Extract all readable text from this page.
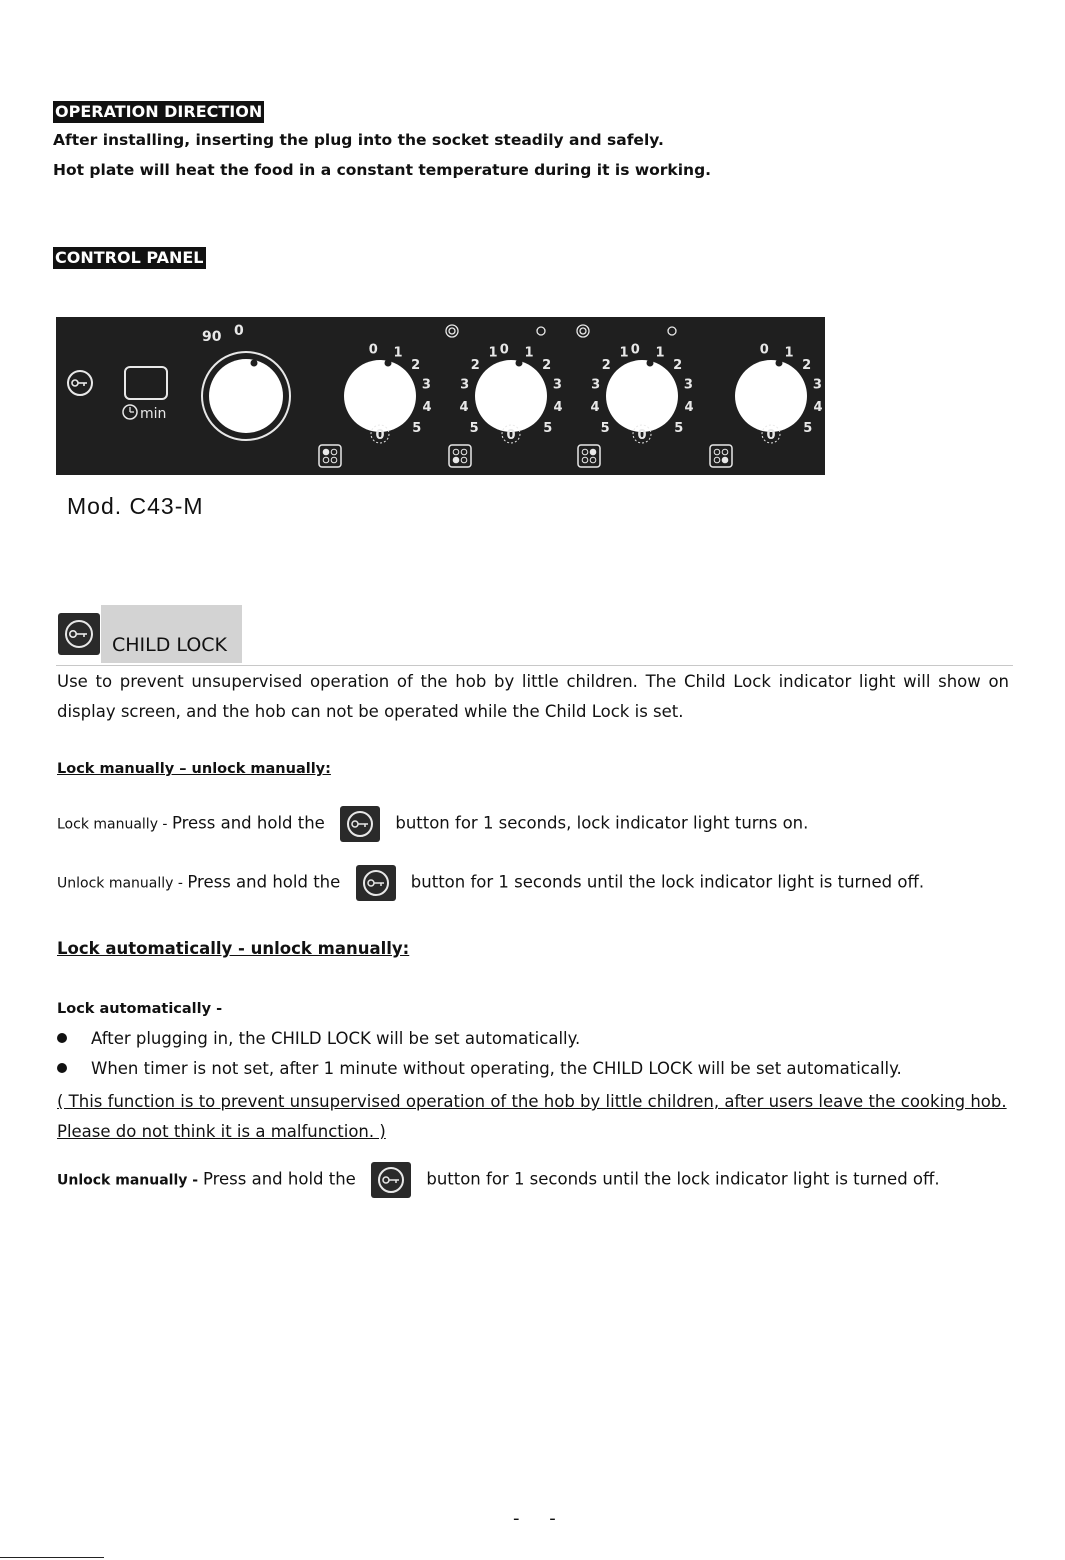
OPERATION DIRECTION
After installing, inserting the plug into the socket steadily and safely.
Hot plate will heat the food in a constant temperature during it is working.
CONTROL PANEL
min
90 0
0 1
2
3
4
5
0
0 1
2
3
4
5
1
2
3
4
5 0
0 1
2
3
4
5
1
2
3
4
5 0
0 1
2
3
4
5
0
Mod. C43-M
CHILD LOCK
Use to prevent unsupervised operation of the hob by little children. The Child Lock indicator light will show on display screen, and the hob can not be operated while the Child Lock is set.
Lock manually – unlock manually:
Lock manually - Press and hold the	button for 1 seconds, lock indicator light turns on.
Unlock manually - Press and hold the	button for 1 seconds until the lock indicator light is turned off.
Lock automatically - unlock manually:
Lock automatically -
After plugging in, the CHILD LOCK will be set automatically.
When timer is not set, after 1 minute without operating, the CHILD LOCK will be set automatically.
( This function is to prevent unsupervised operation of the hob by little children, after users leave the cooking hob. Please do not think it is a malfunction. )
Unlock manually - Press and hold the	button for 1 seconds until the lock indicator light is turned off.
- -
